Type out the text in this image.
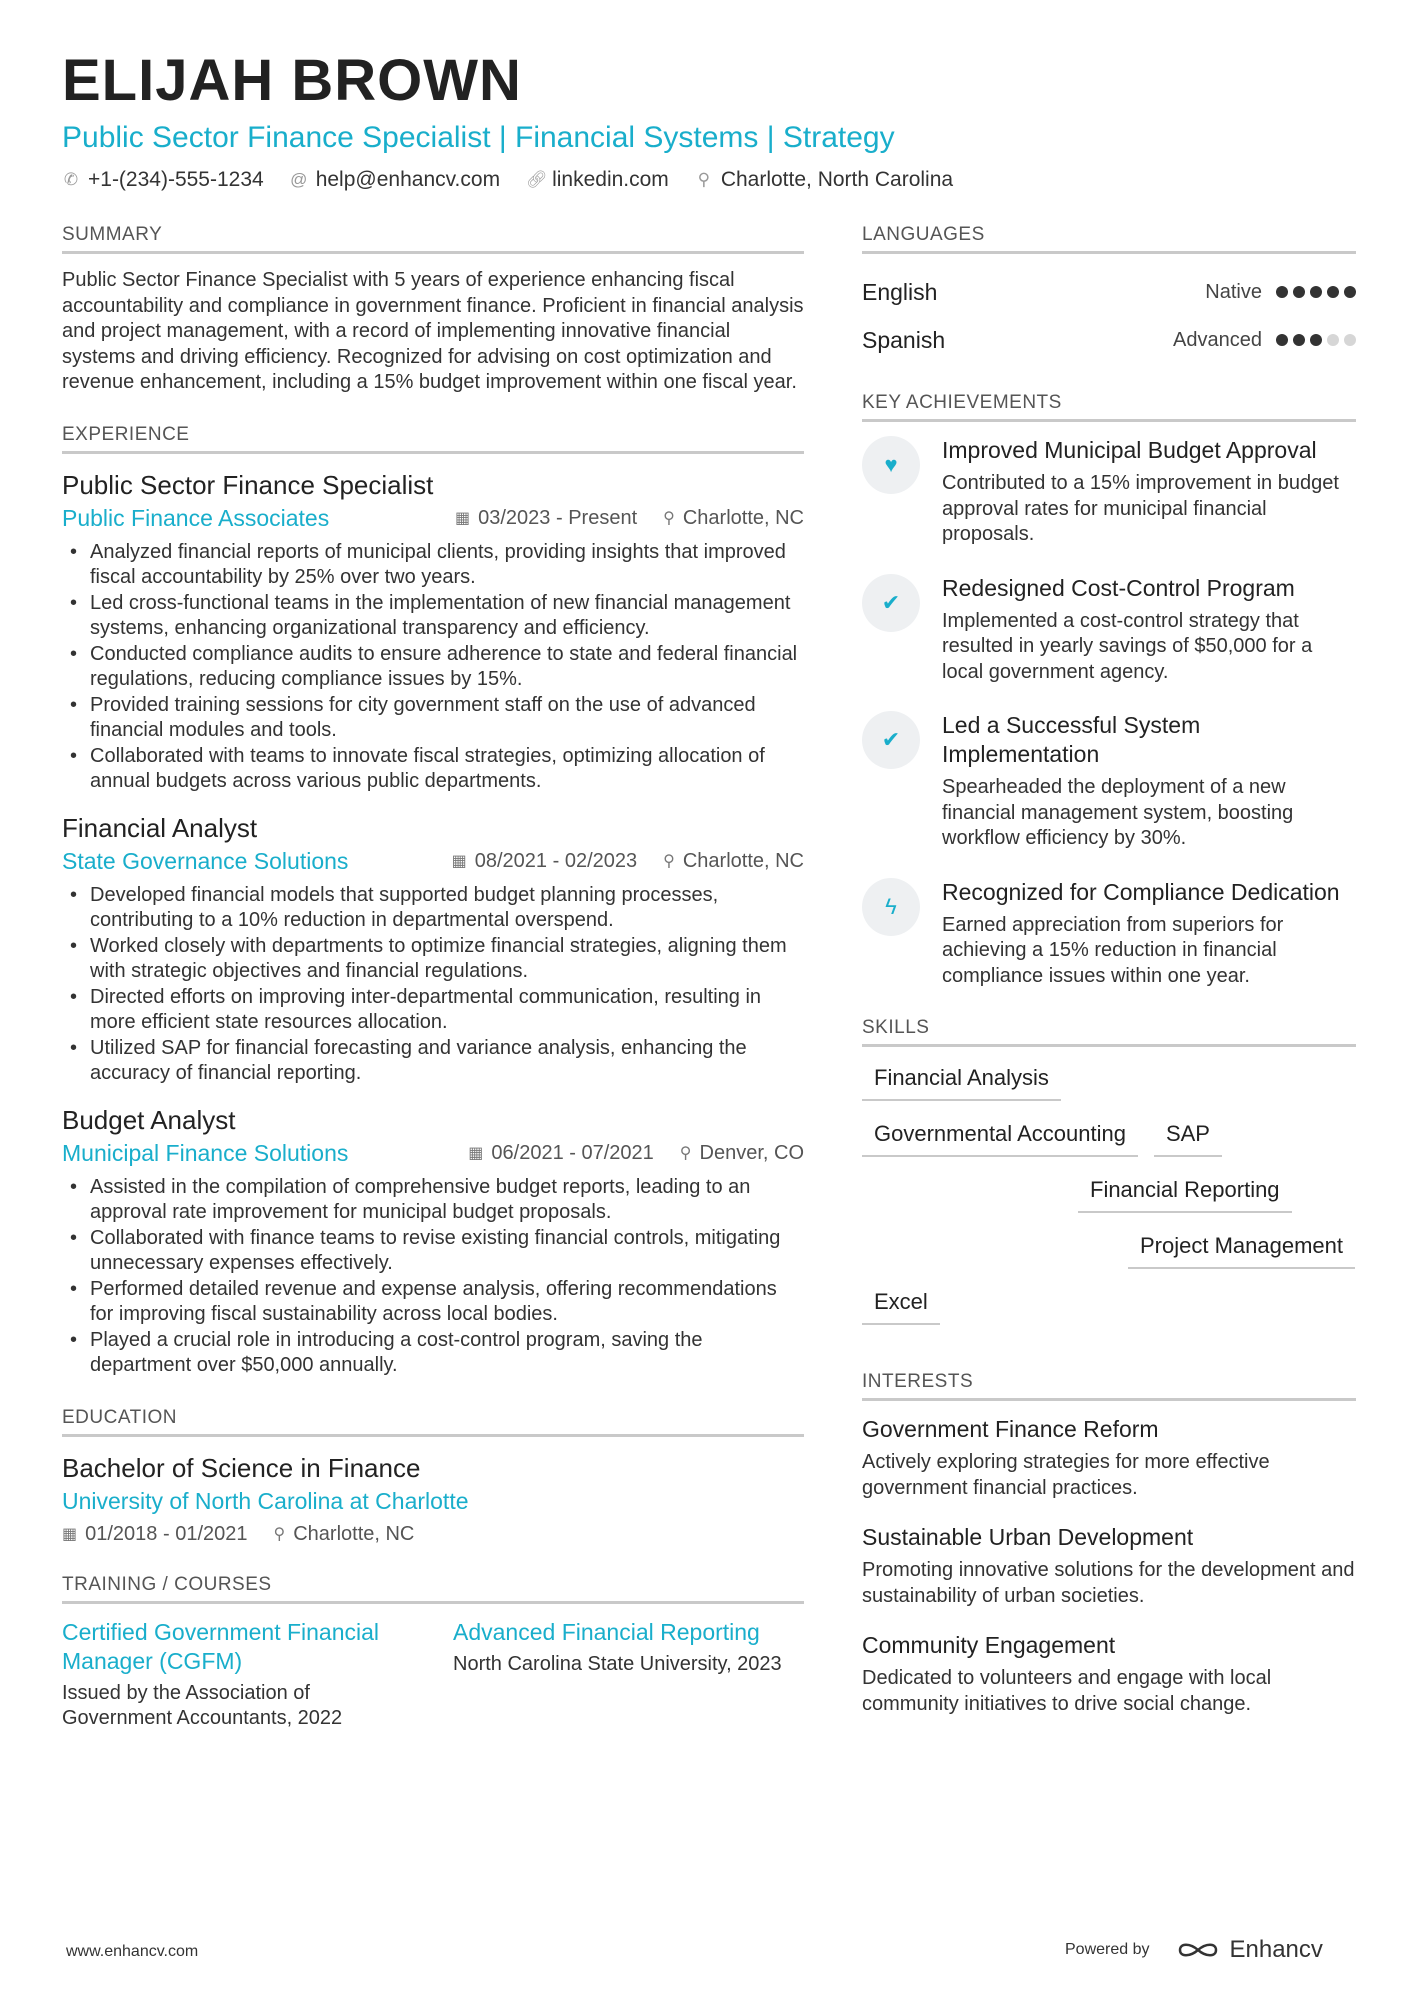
ELIJAH BROWN
Public Sector Finance Specialist | Financial Systems | Strategy
✆ +1-(234)-555-1234 @ help@enhancv.com 🔗︎ linkedin.com ⚲ Charlotte, North Carolina
SUMMARY
Public Sector Finance Specialist with 5 years of experience enhancing fiscal accountability and compliance in government finance. Proficient in financial analysis and project management, with a record of implementing innovative financial systems and driving efficiency. Recognized for advising on cost optimization and revenue enhancement, including a 15% budget improvement within one fiscal year.
EXPERIENCE
Public Sector Finance Specialist
Public Finance Associates	▦ 03/2023 - Present ⚲ Charlotte, NC
• Analyzed financial reports of municipal clients, providing insights that improved fiscal accountability by 25% over two years.
• Led cross-functional teams in the implementation of new financial management systems, enhancing organizational transparency and efficiency.
• Conducted compliance audits to ensure adherence to state and federal financial regulations, reducing compliance issues by 15%.
• Provided training sessions for city government staff on the use of advanced financial modules and tools.
• Collaborated with teams to innovate fiscal strategies, optimizing allocation of annual budgets across various public departments.
Financial Analyst
State Governance Solutions	▦ 08/2021 - 02/2023 ⚲ Charlotte, NC
• Developed financial models that supported budget planning processes, contributing to a 10% reduction in departmental overspend.
• Worked closely with departments to optimize financial strategies, aligning them with strategic objectives and financial regulations.
• Directed efforts on improving inter-departmental communication, resulting in more efficient state resources allocation.
• Utilized SAP for financial forecasting and variance analysis, enhancing the accuracy of financial reporting.
Budget Analyst
Municipal Finance Solutions	▦ 06/2021 - 07/2021 ⚲ Denver, CO
• Assisted in the compilation of comprehensive budget reports, leading to an approval rate improvement for municipal budget proposals.
• Collaborated with finance teams to revise existing financial controls, mitigating unnecessary expenses effectively.
• Performed detailed revenue and expense analysis, offering recommendations for improving fiscal sustainability across local bodies.
• Played a crucial role in introducing a cost-control program, saving the department over $50,000 annually.
EDUCATION
Bachelor of Science in Finance
University of North Carolina at Charlotte
▦ 01/2018 - 01/2021 ⚲ Charlotte, NC
TRAINING / COURSES
Certified Government Financial Manager (CGFM)
Issued by the Association of Government Accountants, 2022
Advanced Financial Reporting
North Carolina State University, 2023
LANGUAGES
English	Native
Spanish	Advanced
KEY ACHIEVEMENTS
♥
Improved Municipal Budget Approval
Contributed to a 15% improvement in budget approval rates for municipal financial proposals.
✔
Redesigned Cost-Control Program
Implemented a cost-control strategy that resulted in yearly savings of $50,000 for a local government agency.
✔
Led a Successful System Implementation
Spearheaded the deployment of a new financial management system, boosting workflow efficiency by 30%.
ϟ
Recognized for Compliance Dedication
Earned appreciation from superiors for achieving a 15% reduction in financial compliance issues within one year.
SKILLS
Financial Analysis
Governmental Accounting	SAP
Financial Reporting
Project Management
Excel
INTERESTS
Government Finance Reform
Actively exploring strategies for more effective government financial practices.
Sustainable Urban Development
Promoting innovative solutions for the development and sustainability of urban societies.
Community Engagement
Dedicated to volunteers and engage with local community initiatives to drive social change.
www.enhancv.com	Powered by	Enhancv
